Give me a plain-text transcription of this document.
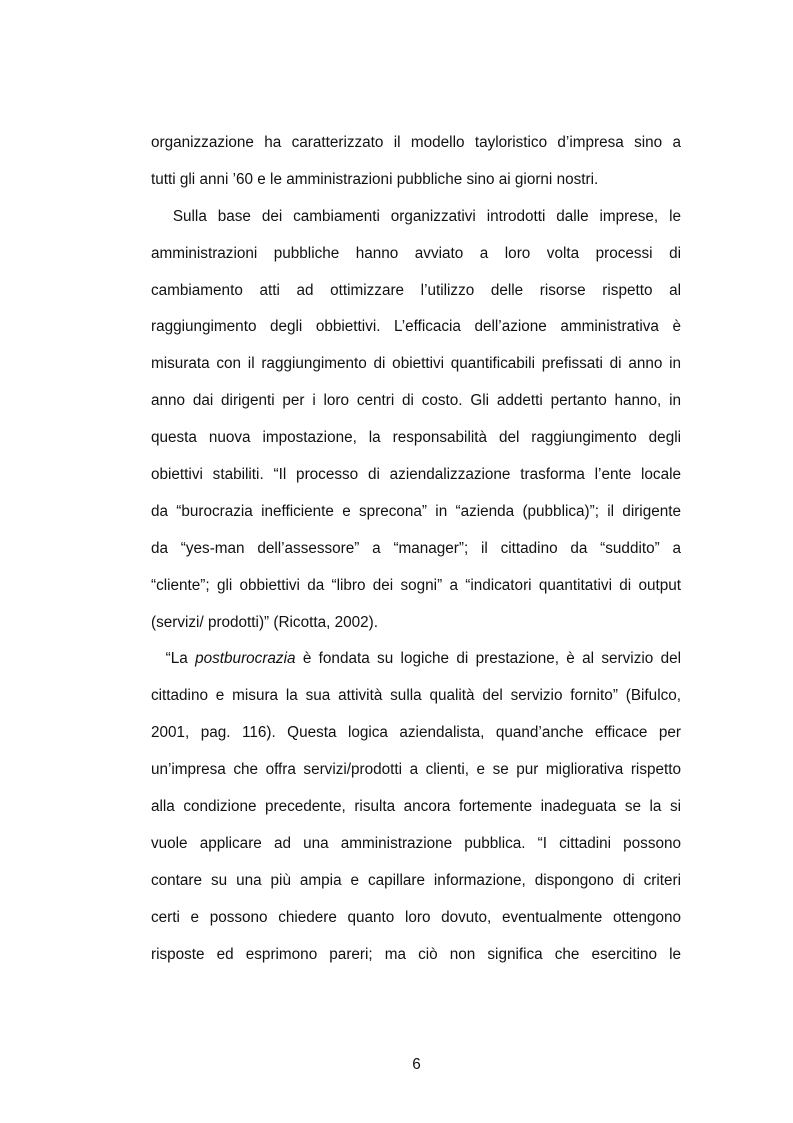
organizzazione ha caratterizzato il modello tayloristico d’impresa sino a
tutti gli anni ’60 e le amministrazioni pubbliche sino ai giorni nostri.
Sulla base dei cambiamenti organizzativi introdotti dalle imprese, le
amministrazioni pubbliche hanno avviato a loro volta processi di
cambiamento atti ad ottimizzare l’utilizzo delle risorse rispetto al
raggiungimento degli obbiettivi. L’efficacia dell’azione amministrativa è
misurata con il raggiungimento di obiettivi quantificabili prefissati di anno in
anno dai dirigenti per i loro centri di costo. Gli addetti pertanto hanno, in
questa nuova impostazione, la responsabilità del raggiungimento degli
obiettivi stabiliti. “Il processo di aziendalizzazione trasforma l’ente locale
da “burocrazia inefficiente e sprecona” in “azienda (pubblica)”; il dirigente
da “yes-man dell’assessore” a “manager”; il cittadino da “suddito” a
“cliente”; gli obbiettivi da “libro dei sogni” a “indicatori quantitativi di output
(servizi/ prodotti)” (Ricotta, 2002).
“La postburocrazia è fondata su logiche di prestazione, è al servizio del
cittadino e misura la sua attività sulla qualità del servizio fornito” (Bifulco,
2001, pag. 116). Questa logica aziendalista, quand’anche efficace per
un’impresa che offra servizi/prodotti a clienti, e se pur migliorativa rispetto
alla condizione precedente, risulta ancora fortemente inadeguata se la si
vuole applicare ad una amministrazione pubblica. “I cittadini possono
contare su una più ampia e capillare informazione, dispongono di criteri
certi e possono chiedere quanto loro dovuto, eventualmente ottengono
risposte ed esprimono pareri; ma ciò non significa che esercitino le
6
